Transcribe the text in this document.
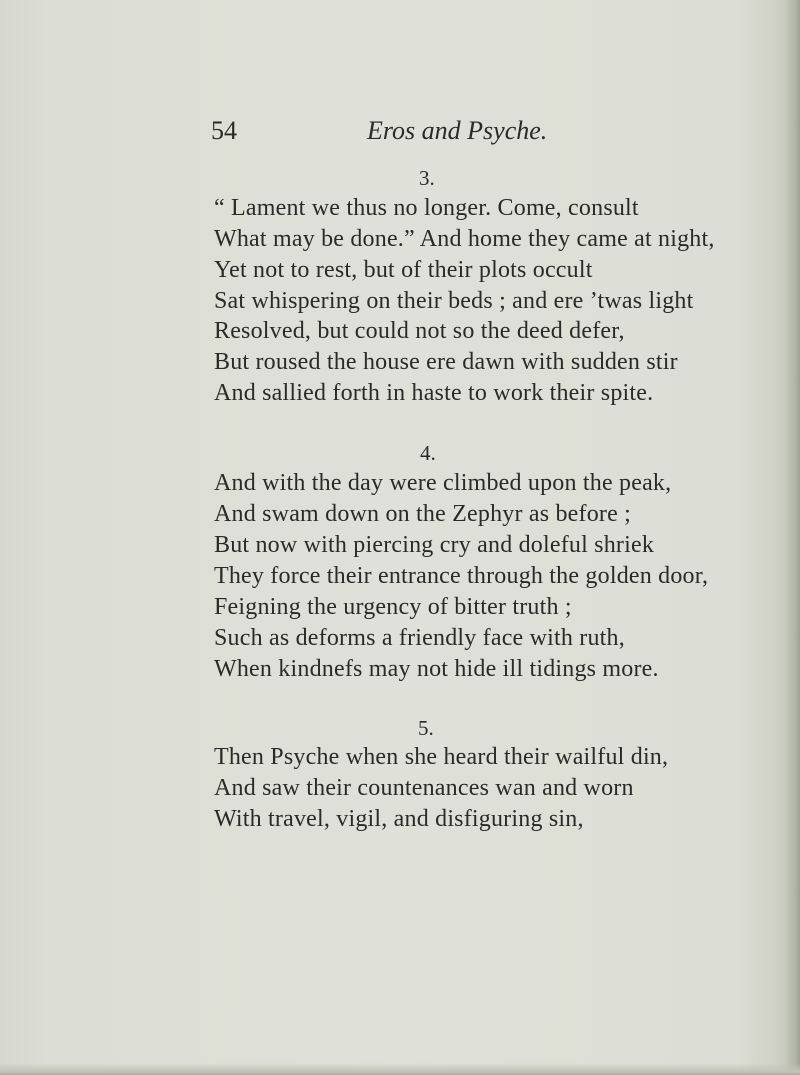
54	Eros and Psyche.
3.
“ Lament we thus no longer. Come, consult
What may be done.” And home they came at night,
Yet not to rest, but of their plots occult
Sat whispering on their beds ; and ere ’twas light
Resolved, but could not so the deed defer,
But roused the house ere dawn with sudden stir
And sallied forth in haste to work their spite.
4.
And with the day were climbed upon the peak,
And swam down on the Zephyr as before ;
But now with piercing cry and doleful shriek
They force their entrance through the golden door,
Feigning the urgency of bitter truth ;
Such as deforms a friendly face with ruth,
When kindnefs may not hide ill tidings more.
5.
Then Psyche when she heard their wailful din,
And saw their countenances wan and worn
With travel, vigil, and disfiguring sin,
